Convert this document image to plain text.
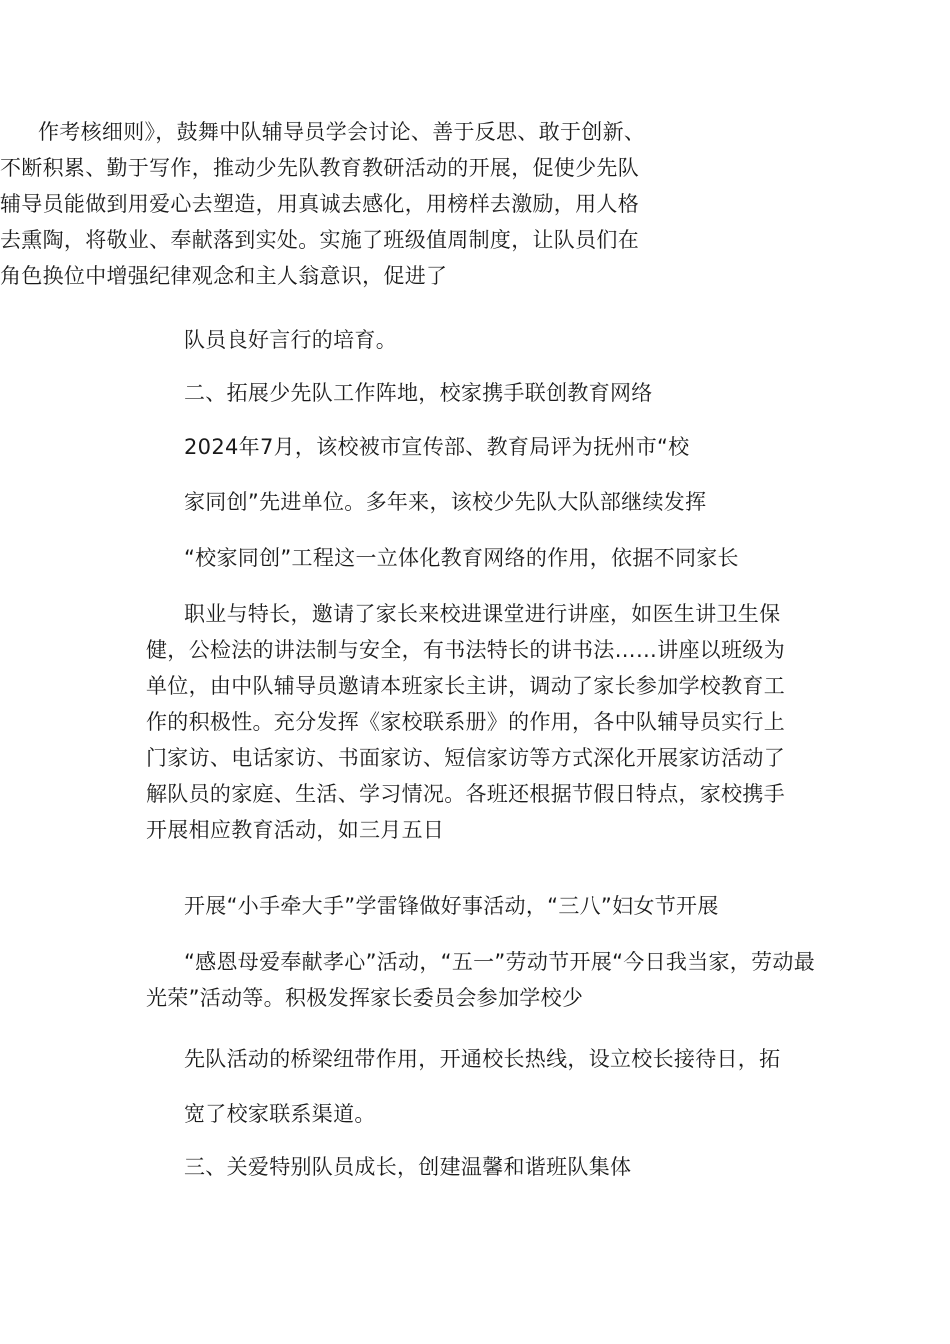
作考核细则》，鼓舞中队辅导员学会讨论、善于反思、敢于创新、
不断积累、勤于写作，推动少先队教育教研活动的开展，促使少先队
辅导员能做到用爱心去塑造，用真诚去感化，用榜样去激励，用人格
去熏陶，将敬业、奉献落到实处。实施了班级值周制度，让队员们在
角色换位中增强纪律观念和主人翁意识，促进了
队员良好言行的培育。
二、拓展少先队工作阵地，校家携手联创教育网络
2024年7月，该校被市宣传部、教育局评为抚州市“校
家同创”先进单位。多年来，该校少先队大队部继续发挥
“校家同创”工程这一立体化教育网络的作用，依据不同家长
职业与特长，邀请了家长来校进课堂进行讲座，如医生讲卫生保
健，公检法的讲法制与安全，有书法特长的讲书法……讲座以班级为
单位，由中队辅导员邀请本班家长主讲，调动了家长参加学校教育工
作的积极性。充分发挥《家校联系册》的作用，各中队辅导员实行上
门家访、电话家访、书面家访、短信家访等方式深化开展家访活动了
解队员的家庭、生活、学习情况。各班还根据节假日特点，家校携手
开展相应教育活动，如三月五日
开展“小手牵大手”学雷锋做好事活动，“三八”妇女节开展
“感恩母爱奉献孝心”活动，“五一”劳动节开展“今日我当家，劳动最
光荣”活动等。积极发挥家长委员会参加学校少
先队活动的桥梁纽带作用，开通校长热线，设立校长接待日，拓
宽了校家联系渠道。
三、关爱特别队员成长，创建温馨和谐班队集体
